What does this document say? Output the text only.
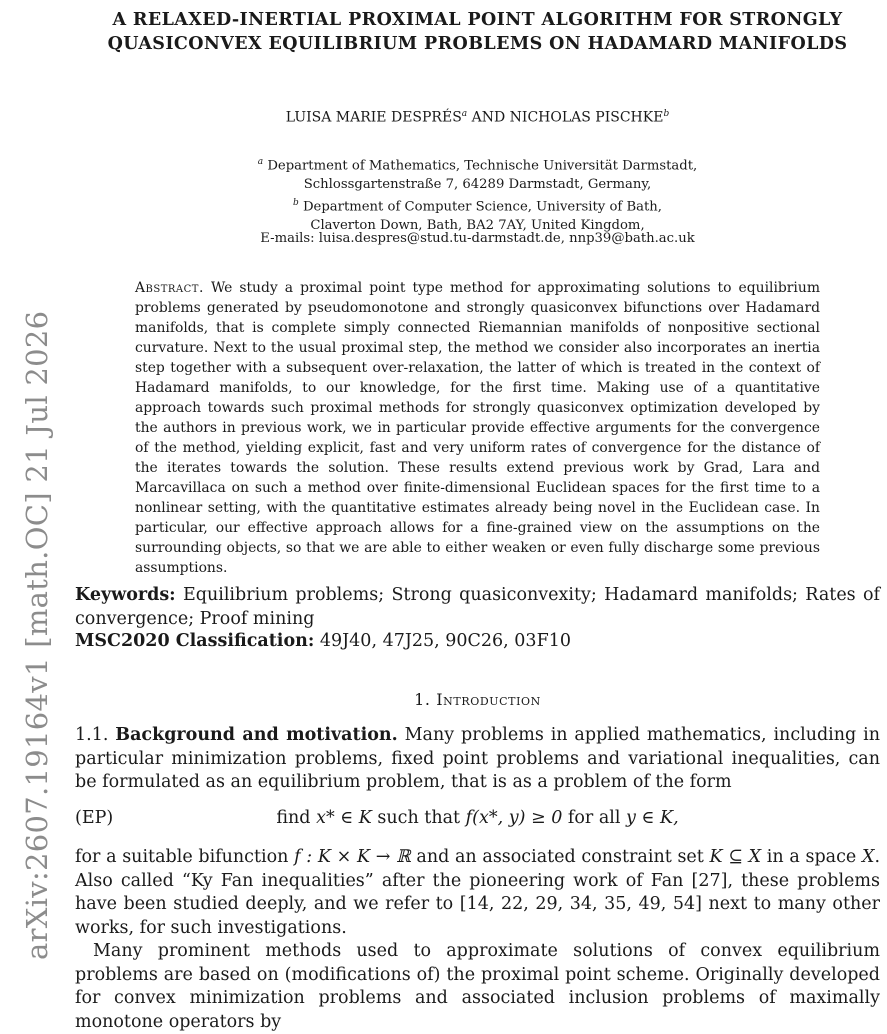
arXiv:2607.19164v1 [math.OC] 21 Jul 2026
A RELAXED-INERTIAL PROXIMAL POINT ALGORITHM FOR STRONGLY QUASICONVEX EQUILIBRIUM PROBLEMS ON HADAMARD MANIFOLDS
LUISA MARIE DESPRÉS$^a$ AND NICHOLAS PISCHKE$^b$
$^a$ Department of Mathematics, Technische Universität Darmstadt,
Schlossgartenstraße 7, 64289 Darmstadt, Germany,
$^b$ Department of Computer Science, University of Bath,
Claverton Down, Bath, BA2 7AY, United Kingdom,
E-mails: luisa.despres@stud.tu-darmstadt.de, nnp39@bath.ac.uk
Abstract. We study a proximal point type method for approximating solutions to equilibrium problems generated by pseudomonotone and strongly quasiconvex bifunctions over Hadamard manifolds, that is complete simply connected Riemannian manifolds of nonpositive sectional curvature. Next to the usual proximal step, the method we consider also incorporates an inertia step together with a subsequent over-relaxation, the latter of which is treated in the context of Hadamard manifolds, to our knowledge, for the first time. Making use of a quantitative approach towards such proximal methods for strongly quasiconvex optimization developed by the authors in previous work, we in particular provide effective arguments for the convergence of the method, yielding explicit, fast and very uniform rates of convergence for the distance of the iterates towards the solution. These results extend previous work by Grad, Lara and Marcavillaca on such a method over finite-dimensional Euclidean spaces for the first time to a nonlinear setting, with the quantitative estimates already being novel in the Euclidean case. In particular, our effective approach allows for a fine-grained view on the assumptions on the surrounding objects, so that we are able to either weaken or even fully discharge some previous assumptions.
Keywords: Equilibrium problems; Strong quasiconvexity; Hadamard manifolds; Rates of convergence; Proof mining
MSC2020 Classification: 49J40, 47J25, 90C26, 03F10
1. Introduction
1.1. Background and motivation. Many problems in applied mathematics, including in particular minimization problems, fixed point problems and variational inequalities, can be formulated as an equilibrium problem, that is as a problem of the form
(EP)	find x* ∈ K such that f(x*, y) ≥ 0 for all y ∈ K,
for a suitable bifunction f : K × K → ℝ and an associated constraint set K ⊆ X in a space X. Also called “Ky Fan inequalities” after the pioneering work of Fan [27], these problems have been studied deeply, and we refer to [14, 22, 29, 34, 35, 49, 54] next to many other works, for such investigations.
Many prominent methods used to approximate solutions of convex equilibrium problems are based on (modifications of) the proximal point scheme. Originally developed for convex minimization problems and associated inclusion problems of maximally monotone operators by
